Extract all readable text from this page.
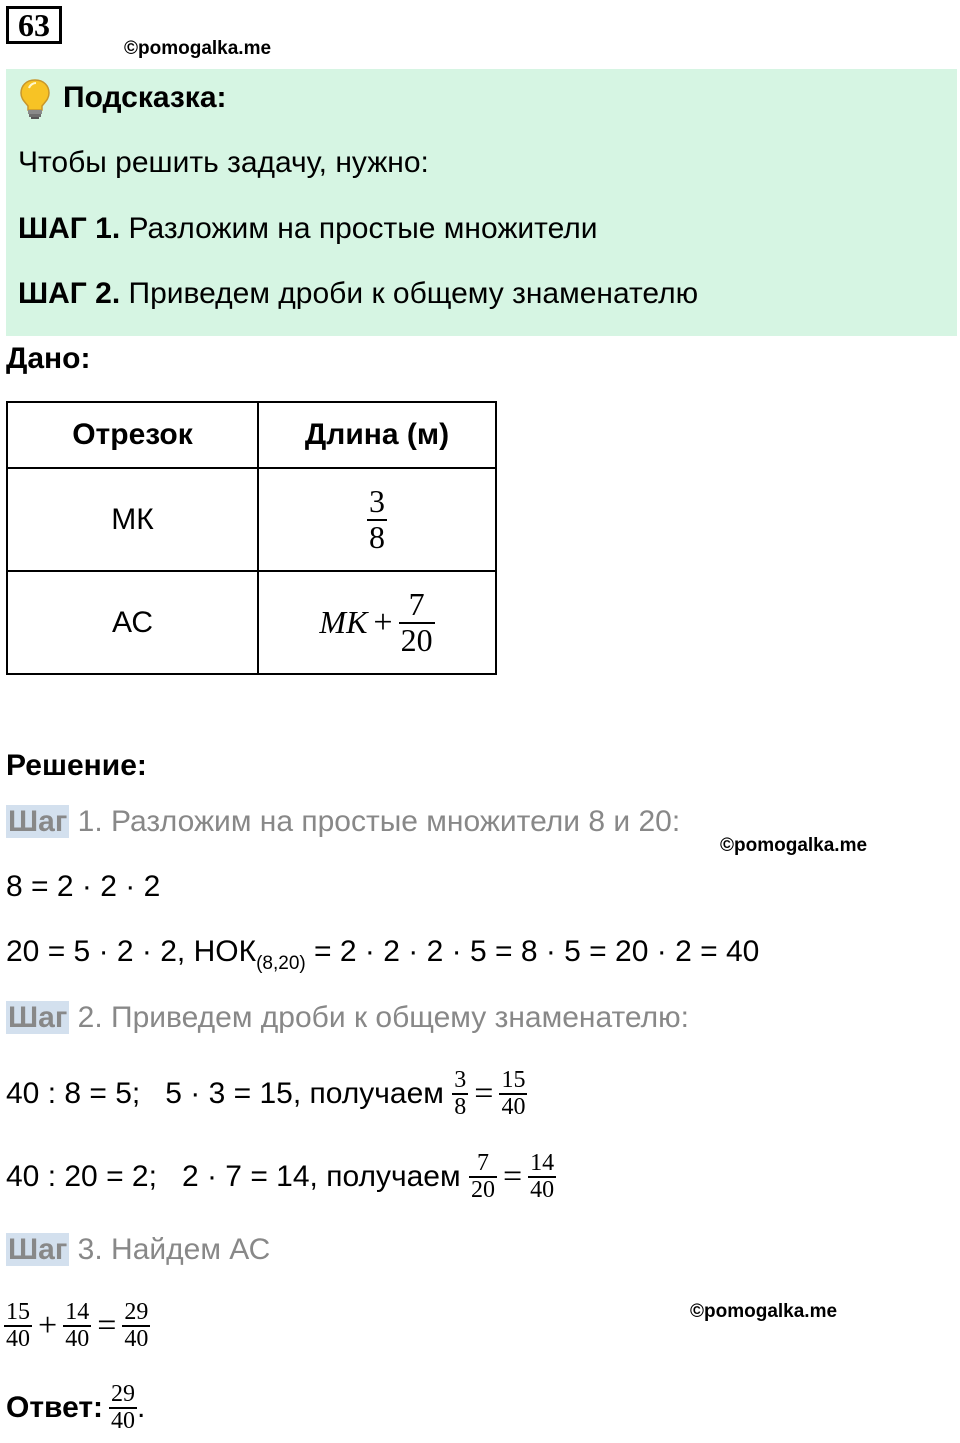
63
©pomogalka.me
Подсказка:
Чтобы решить задачу, нужно:
ШАГ 1. Разложим на простые множители
ШАГ 2. Приведем дроби к общему знаменателю
Дано:
Отрезок	Длина (м)
МК	$\frac{3}{8}$

АС	MK + $\frac{7}{20}$
Решение:
Шаг 1. Разложим на простые множители 8 и 20:
©pomogalka.me
8 = 2 · 2 · 2
20 = 5 · 2 · 2, $НОК_{(8,20)} = 2 \cdot 2 \cdot 2 \cdot 5 = 8 \cdot 5 = 20 \cdot 2 = 40$
Шаг 2. Приведем дроби к общему знаменателю:
40 : 8 = 5;   5 · 3 = 15, получаем $\frac{3}{8} = \frac{15}{40}$
40 : 20 = 2;   2 · 7 = 14, получаем $\frac{7}{20} = \frac{14}{40}$
Шаг 3. Найдем АС
$\frac{15}{40} + \frac{14}{40} = \frac{29}{40}$	©pomogalka.me
Ответ: $\frac{29}{40}$ .
